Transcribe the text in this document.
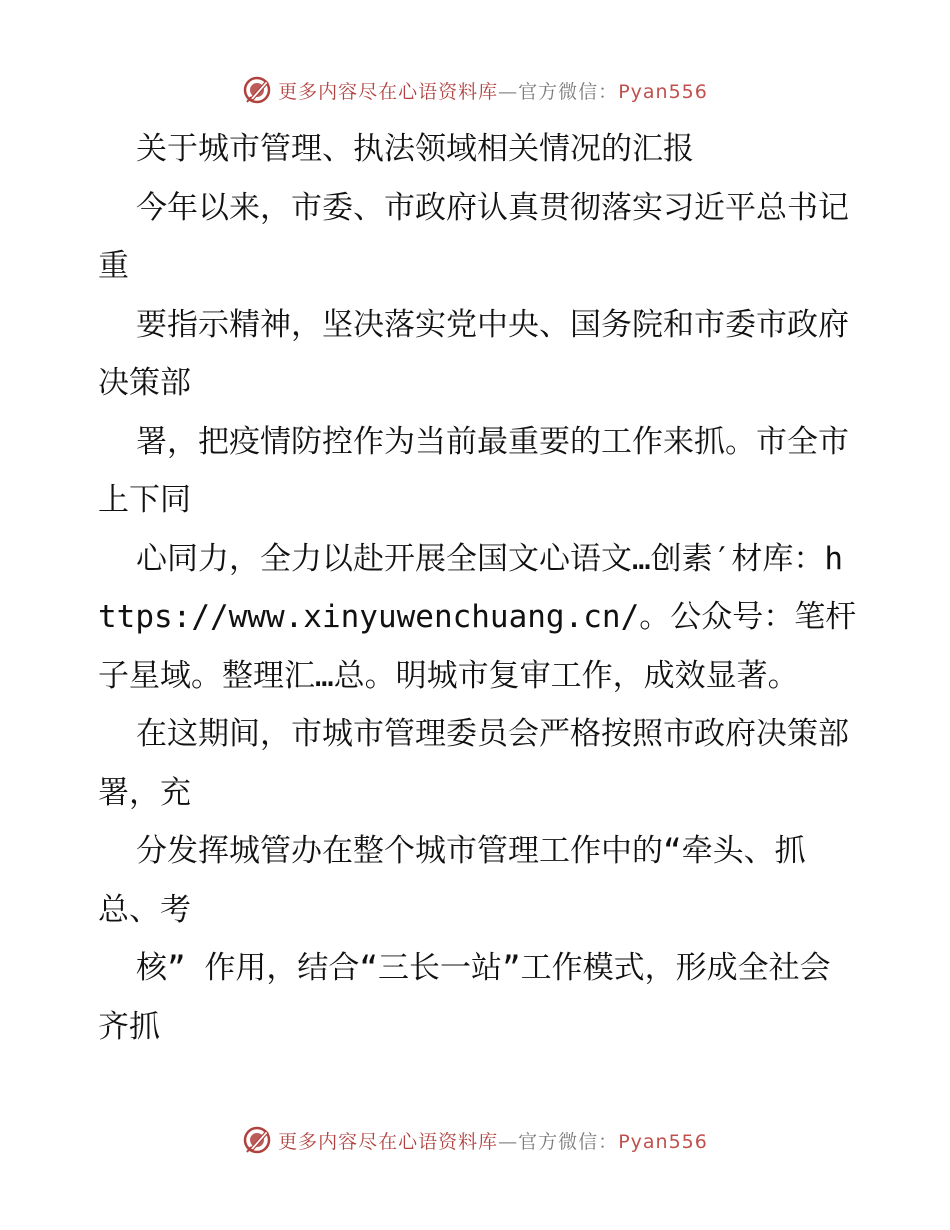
更多内容尽在心语资料库—官方微信：Pyan556

关于城市管理、执法领域相关情况的汇报

今年以来，市委、市政府认真贯彻落实习近平总书记重

要指示精神，坚决落实党中央、国务院和市委市政府决策部

署，把疫情防控作为当前最重要的工作来抓。市全市上下同

心同力，全力以赴开展全国文心语文…创素′材库：https://www.xinyuwenchuang.cn/。公众号：笔杆子星域。整理汇…总。明城市复审工作，成效显著。

在这期间，市城市管理委员会严格按照市政府决策部署，充

分发挥城管办在整个城市管理工作中的“牵头、抓总、考

核” 作用，结合“三长一站”工作模式，形成全社会齐抓

更多内容尽在心语资料库—官方微信：Pyan556
